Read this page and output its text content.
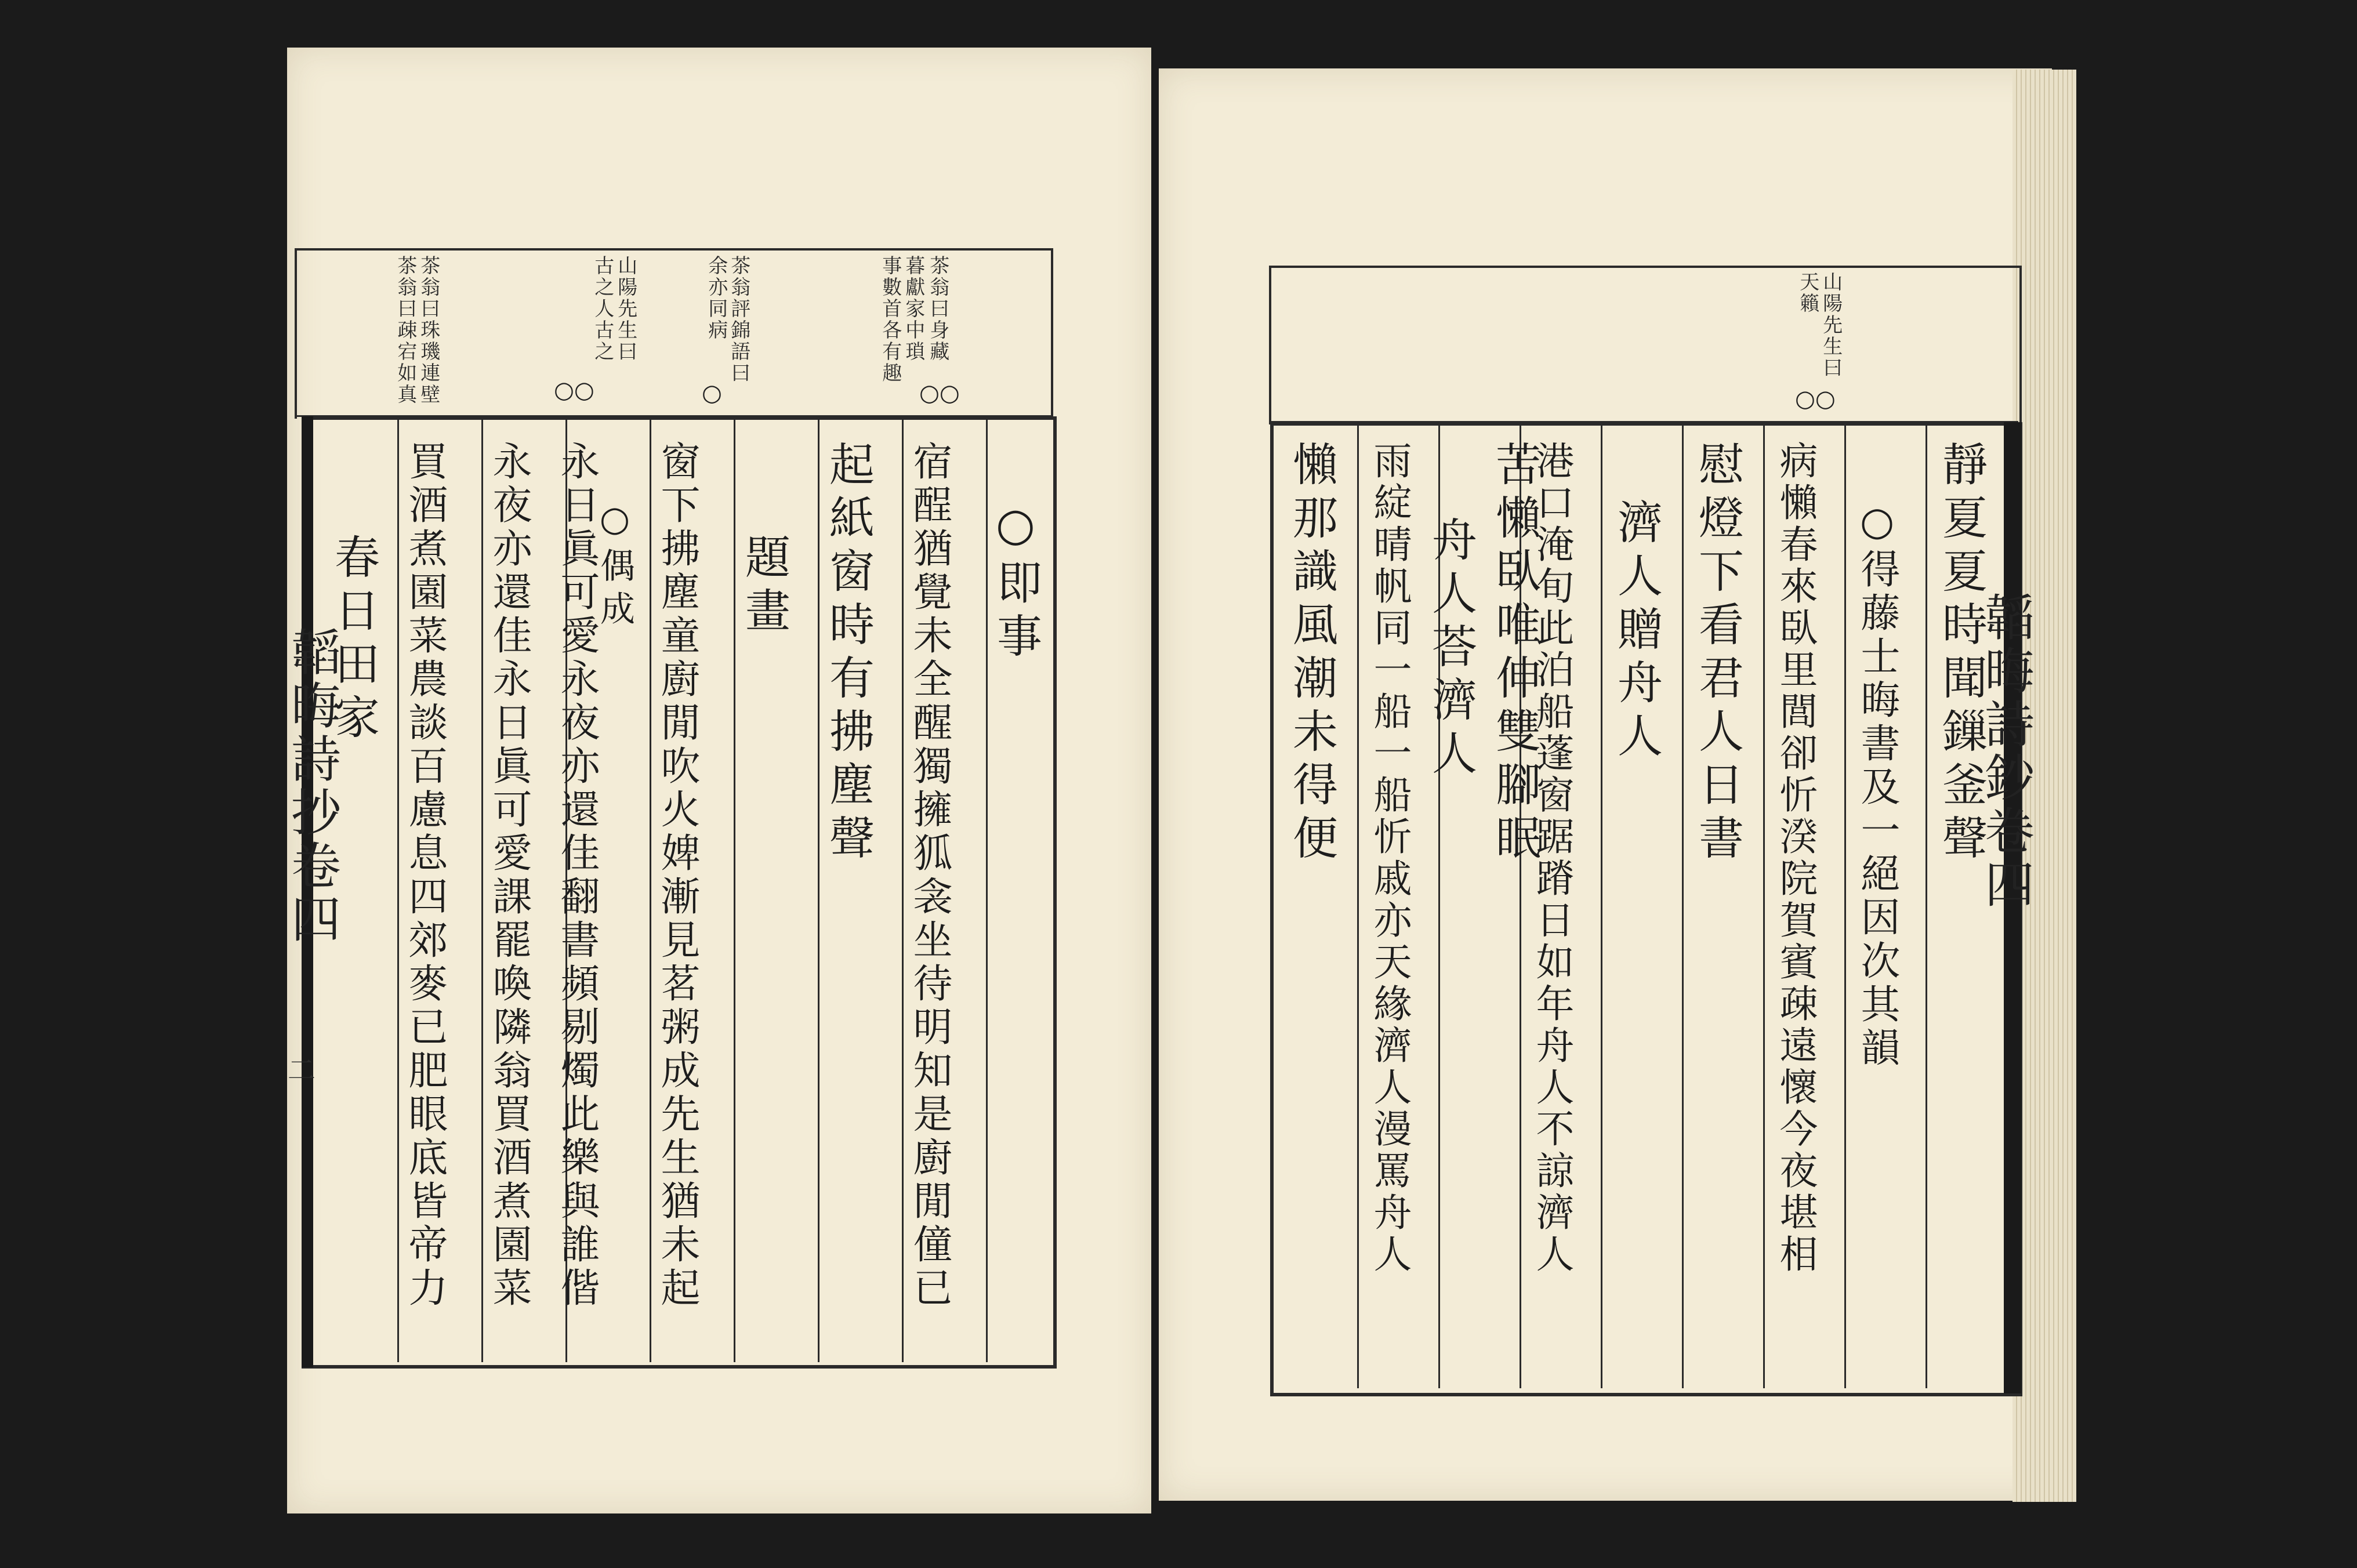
韜晦詩抄卷四
二
茶翁曰身藏
暮獻家中瑣
事數首各有趣
茶翁評錦語曰
余亦同病
山陽先生曰
古之人古之
茶翁曰珠璣連壁
茶翁曰疎宕如真	○○
○
○○
○即事
宿酲猶覺未全醒獨擁狐衾坐待明知是廚閒僮已
起紙窗時有拂塵聲
題畫
窗下拂塵童廚閒吹火婢漸見茗粥成先生猶未起
○偶成
永日眞可愛永夜亦還佳翻書頻剔燭此樂與誰偕
永夜亦還佳永日眞可愛課罷喚隣翁買酒煮園菜
買酒煮園菜農談百慮息四郊麥已肥眼底皆帝力
春日田家	韜晦詩鈔卷四
山陽先生曰
天籟
○○
靜夏夏時聞鏁釜聲
○得藤士晦書及一絕因次其韻
病懶春來臥里閭卻忻湀院賀賓疎遠懷今夜堪相
慰燈下看君人日書
濟人贈舟人
港口淹旬此泊船蓬窗踞蹐日如年舟人不諒濟人
苦懶臥唯伸雙腳眠
舟人荅濟人
雨綻晴帆同一船一船忻戚亦天緣濟人漫罵舟人
懶那識風潮未得便
